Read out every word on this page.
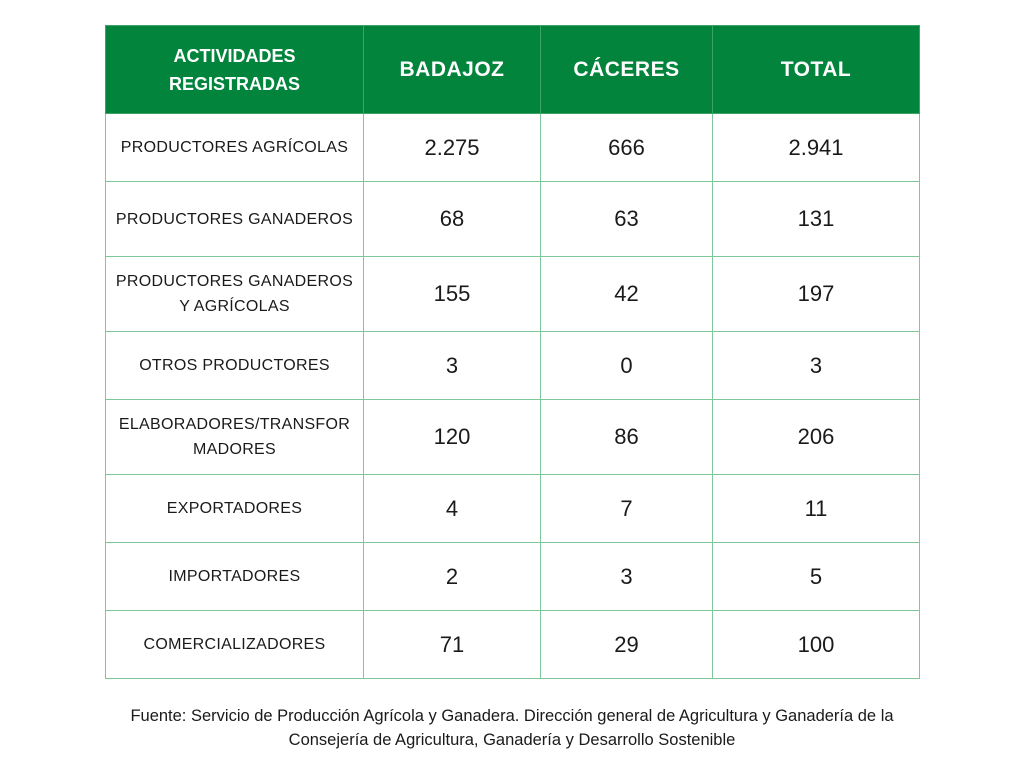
ACTIVIDADES REGISTRADAS	BADAJOZ	CÁCERES	TOTAL
PRODUCTORES AGRÍCOLAS	2.275	666	2.941
PRODUCTORES GANADEROS	68	63	131
PRODUCTORES GANADEROS Y AGRÍCOLAS	155	42	197
OTROS PRODUCTORES	3	0	3
ELABORADORES/TRANSFORMADORES	120	86	206
EXPORTADORES	4	7	11
IMPORTADORES	2	3	5
COMERCIALIZADORES	71	29	100
Fuente: Servicio de Producción Agrícola y Ganadera. Dirección general de Agricultura y Ganadería de la Consejería de Agricultura, Ganadería y Desarrollo Sostenible
